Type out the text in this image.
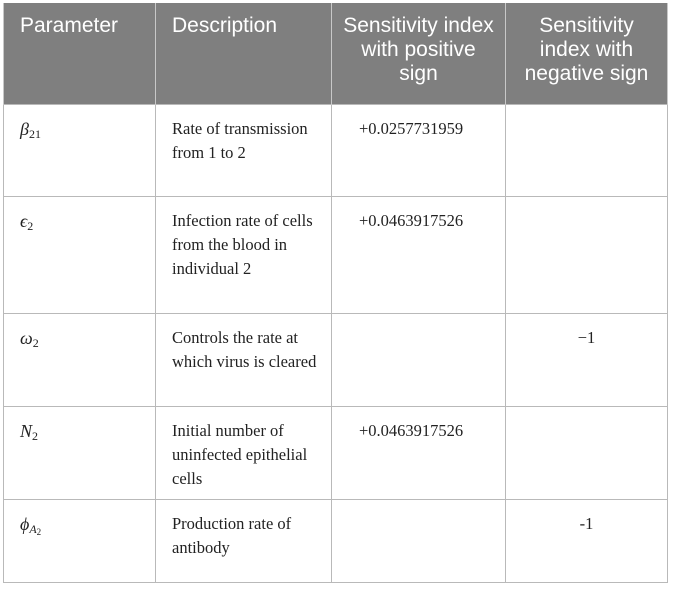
Parameter	Description	Sensitivity index with positive sign	Sensitivity index with negative sign
$\beta_{21}$	Rate of transmission from 1 to 2	+0.0257731959	
$\epsilon_2$	Infection rate of cells from the blood in individual 2	+0.0463917526	
$\omega_2$	Controls the rate at which virus is cleared		−1
$N_2$	Initial number of uninfected epithelial cells	+0.0463917526	
$\phi_{A_2}$	Production rate of antibody		-1
